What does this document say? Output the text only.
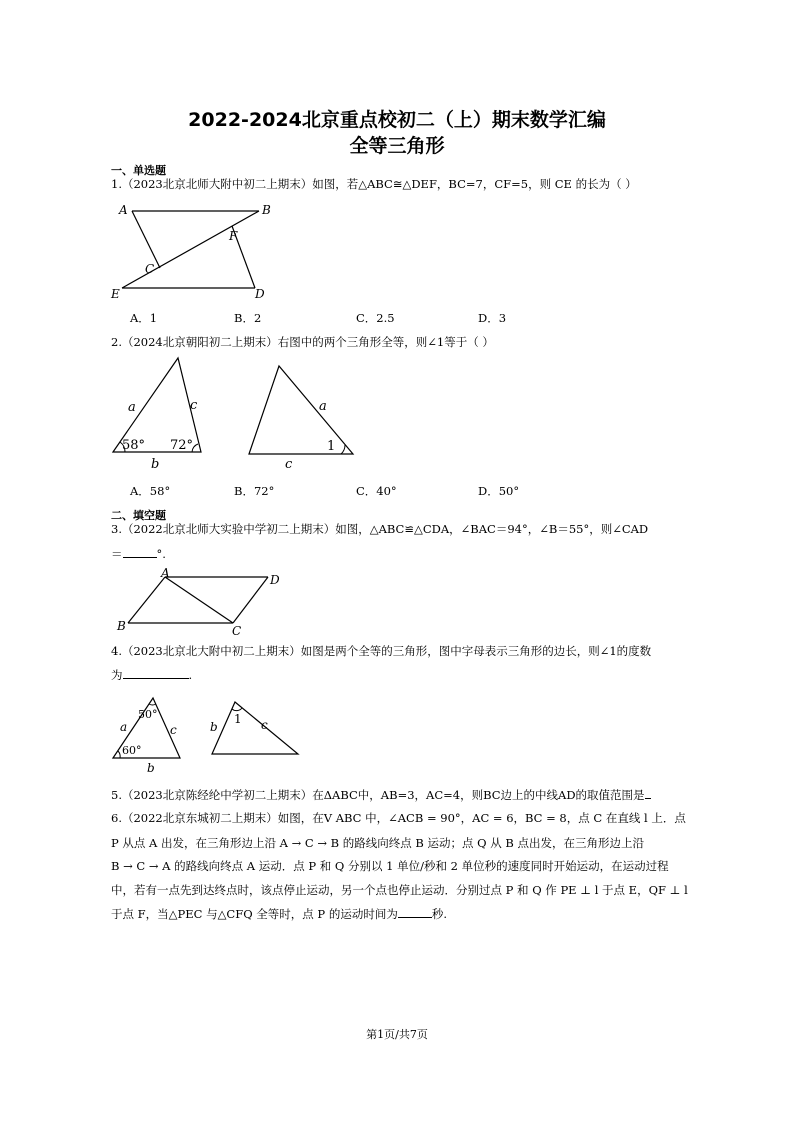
2022-2024北京重点校初二（上）期末数学汇编
全等三角形
一、单选题
1.（2023北京北师大附中初二上期末）如图，若△ABC≅△DEF，BC=7，CF=5，则 CE 的长为（ ）
A	B
F
C
E	D
A．1	B．2	C．2.5	D．3
2.（2024北京朝阳初二上期末）右图中的两个三角形全等，则∠1等于（ ）
a	c
b
58° 72°
a
c
1
A．58°	B．72°	C．40°	D．50°
二、填空题
3.（2022北京北师大实验中学初二上期末）如图，△ABC≌△CDA，∠BAC＝94°，∠B＝55°，则∠CAD
＝	°.
A	D
B	C
4.（2023北京北大附中初二上期末）如图是两个全等的三角形，图中字母表示三角形的边长，则∠1的度数
为	.
a	c
b
50°
60°
1
b	c
5.（2023北京陈经纶中学初二上期末）在ΔABC中，AB=3，AC=4，则BC边上的中线AD的取值范围是
6.（2022北京东城初二上期末）如图，在V ABC 中，∠ACB = 90°，AC = 6，BC = 8，点 C 在直线 l 上．点
P 从点 A 出发，在三角形边上沿 A → C → B 的路线向终点 B 运动；点 Q 从 B 点出发，在三角形边上沿
B → C → A 的路线向终点 A 运动．点 P 和 Q 分别以 1 单位/秒和 2 单位秒的速度同时开始运动，在运动过程
中，若有一点先到达终点时，该点停止运动，另一个点也停止运动．分别过点 P 和 Q 作 PE ⊥ l 于点 E，QF ⊥ l
于点 F，当△PEC 与△CFQ 全等时，点 P 的运动时间为	秒.
第1页/共7页
